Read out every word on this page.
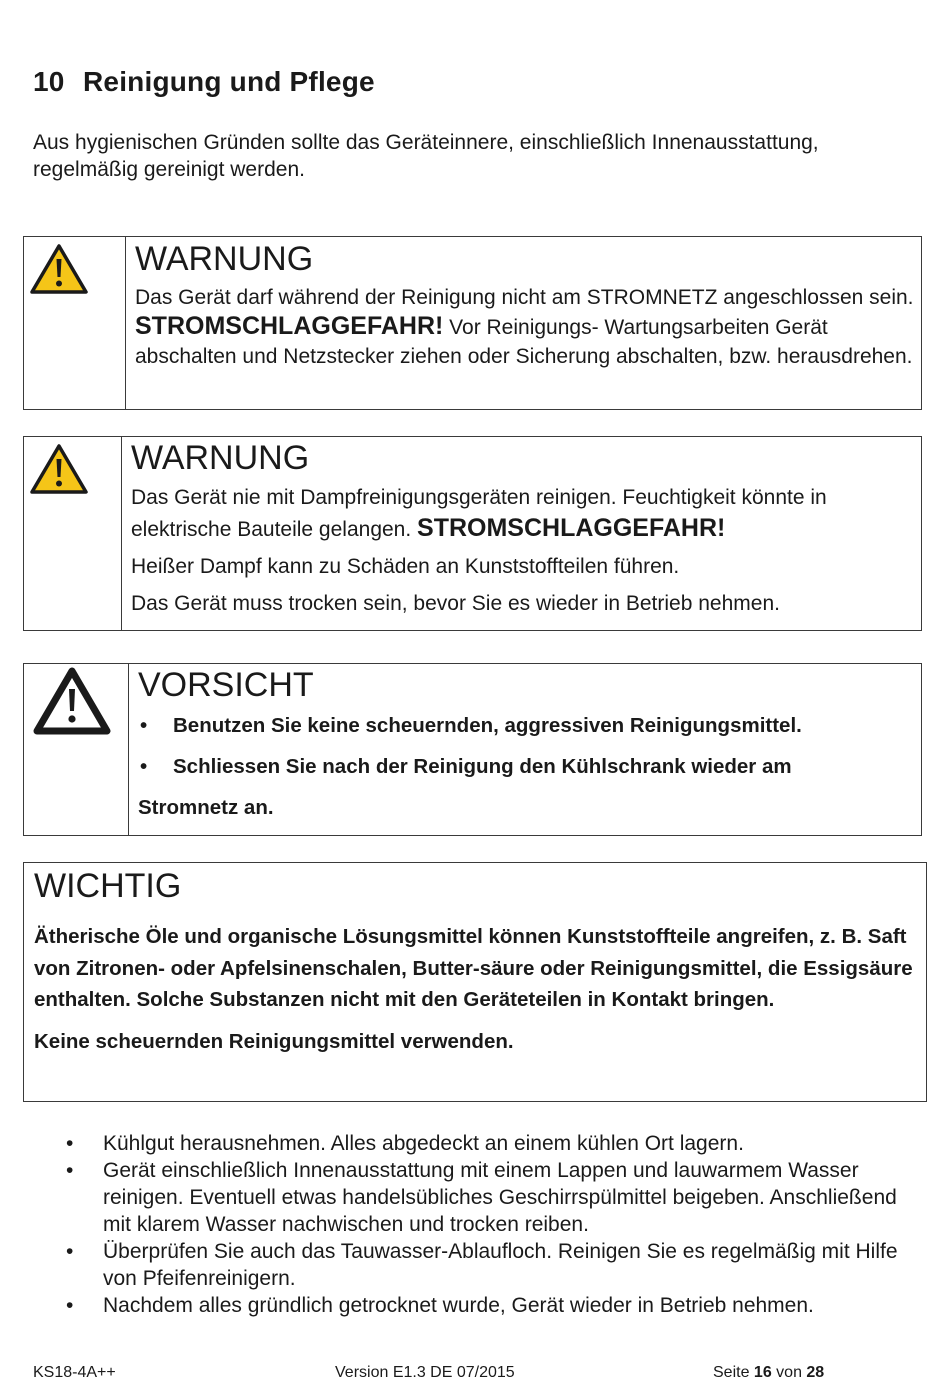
10 Reinigung und Pflege
Aus hygienischen Gründen sollte das Geräteinnere, einschließlich Innenausstattung, regelmäßig gereinigt werden.
WARNUNG
Das Gerät darf während der Reinigung nicht am STROMNETZ angeschlossen sein. STROMSCHLAGGEFAHR! Vor Reinigungs- Wartungsarbeiten Gerät abschalten und Netzstecker ziehen oder Sicherung abschalten, bzw. herausdrehen.
WARNUNG
Das Gerät nie mit Dampfreinigungsgeräten reinigen. Feuchtigkeit könnte in elektrische Bauteile gelangen. STROMSCHLAGGEFAHR!
Heißer Dampf kann zu Schäden an Kunststoffteilen führen.
Das Gerät muss trocken sein, bevor Sie es wieder in Betrieb nehmen.
VORSICHT
•	Benutzen Sie keine scheuernden, aggressiven Reinigungsmittel.
•	Schliessen Sie nach der Reinigung den Kühlschrank wieder am
Stromnetz an.
WICHTIG
Ätherische Öle und organische Lösungsmittel können Kunststoffteile angreifen, z. B. Saft von Zitronen- oder Apfelsinenschalen, Butter-säure oder Reinigungsmittel, die Essigsäure enthalten. Solche Substanzen nicht mit den Geräteteilen in Kontakt bringen.
Keine scheuernden Reinigungsmittel verwenden.
•	Kühlgut herausnehmen. Alles abgedeckt an einem kühlen Ort lagern.
•	Gerät einschließlich Innenausstattung mit einem Lappen und lauwarmem Wasser reinigen. Eventuell etwas handelsübliches Geschirrspülmittel beigeben. Anschließend mit klarem Wasser nachwischen und trocken reiben.
•	Überprüfen Sie auch das Tauwasser-Ablaufloch. Reinigen Sie es regelmäßig mit Hilfe von Pfeifenreinigern.
•	Nachdem alles gründlich getrocknet wurde, Gerät wieder in Betrieb nehmen.
KS18-4A++	Version E1.3 DE 07/2015	Seite 16 von 28
